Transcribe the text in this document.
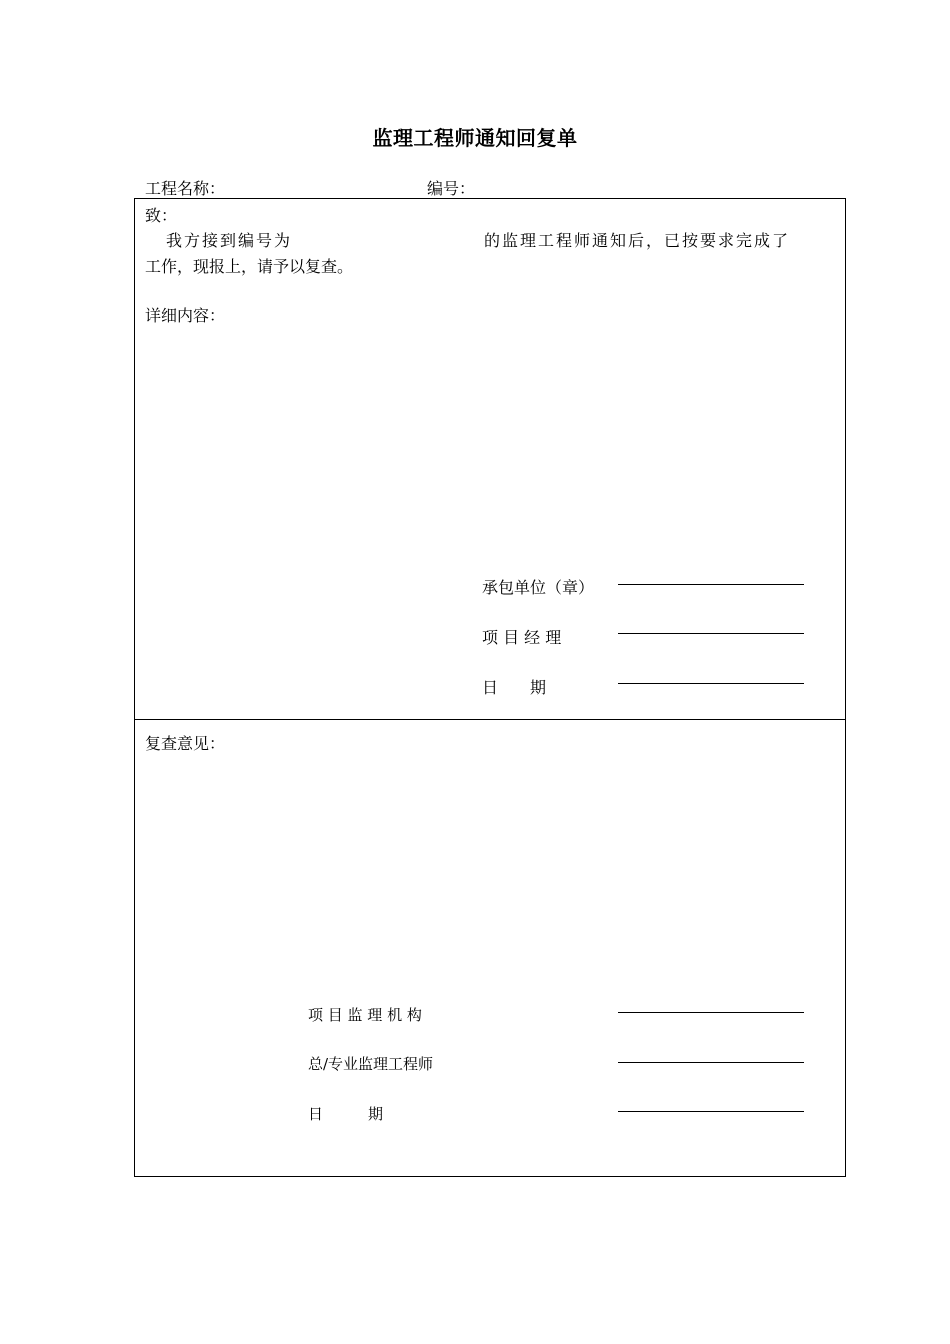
监理工程师通知回复单
工程名称：	编号：
致：
我方接到编号为	的监理工程师通知后，已按要求完成了
工作，现报上，请予以复查。
详细内容：
承包单位（章）
项 目 经 理
日　　期
复查意见：
项 目 监 理 机 构
总/专业监理工程师
日　　　期
